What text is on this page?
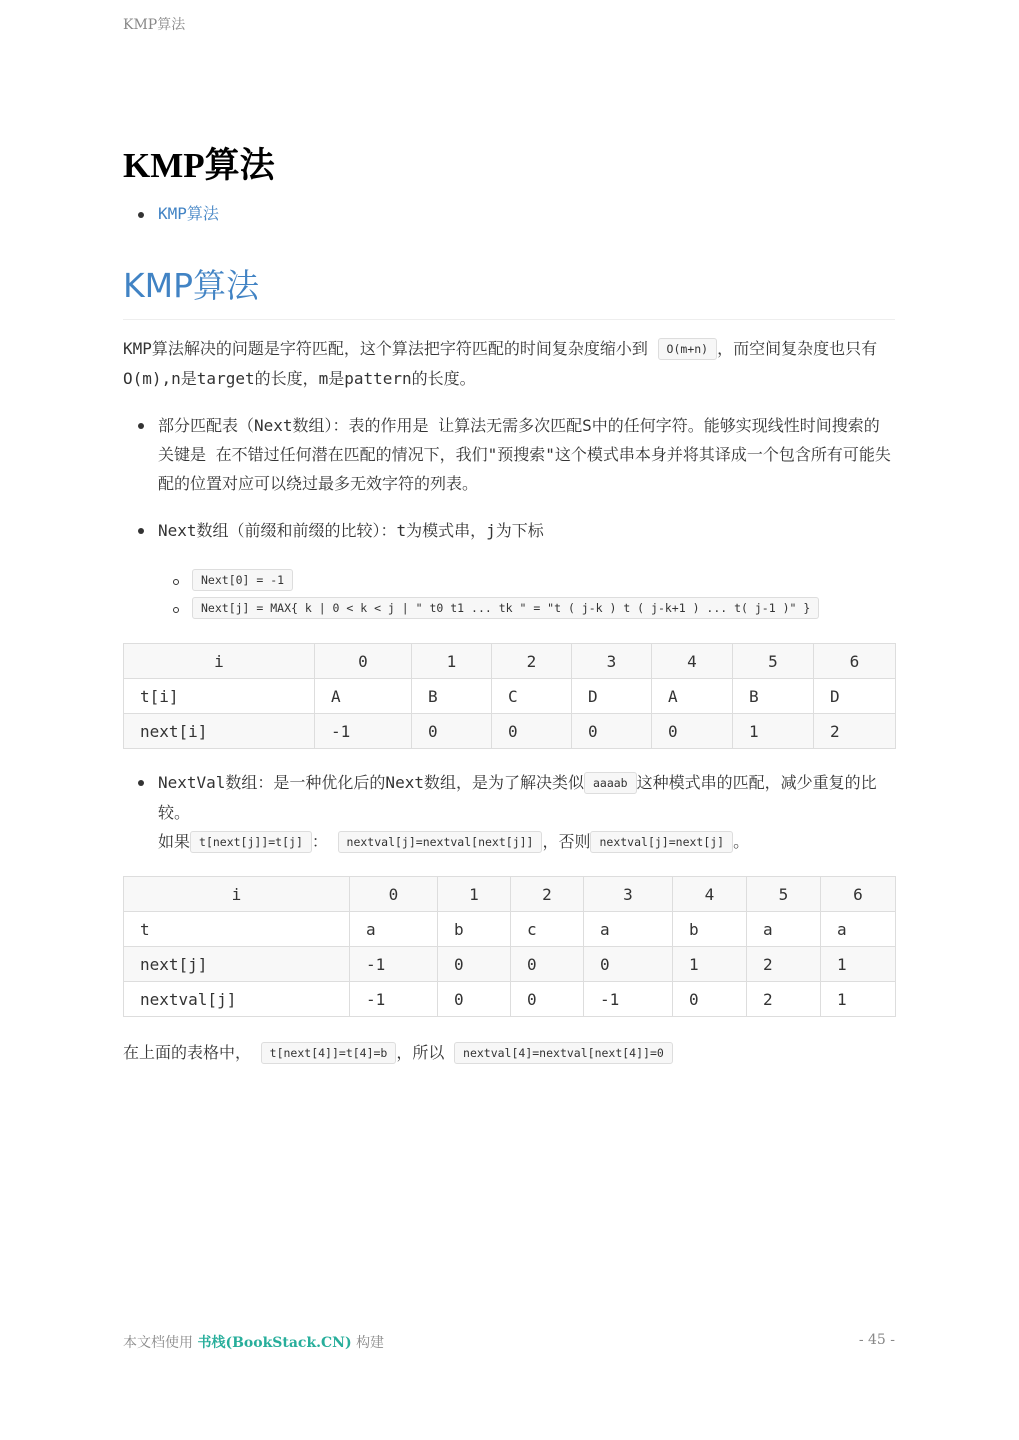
KMP算法
KMP算法
KMP算法
KMP算法

KMP算法解决的问题是字符匹配，这个算法把字符匹配的时间复杂度缩小到 O(m+n) ，而空间复杂度也只有O(m),n是target的长度，m是pattern的长度。

部分匹配表（Next数组）：表的作用是 让算法无需多次匹配S中的任何字符。能够实现线性时间搜索的关键是 在不错过任何潜在匹配的情况下，我们"预搜索"这个模式串本身并将其译成一个包含所有可能失配的位置对应可以绕过最多无效字符的列表。
Next数组（前缀和前缀的比较）：t为模式串，j为下标
Next[0] = -1
Next[j] = MAX{ k | 0 < k < j | " t0 t1 ... tk " = "t ( j-k ) t ( j-k+1 ) ... t( j-1 )" }
i	0	1	2	3	4	5	6
t[i]	A	B	C	D	A	B	D
next[i]	-1	0	0	0	0	1	2
NextVal数组：是一种优化后的Next数组，是为了解决类似 aaaab 这种模式串的匹配，减少重复的比较。
如果 t[next[j]]=t[j] ： nextval[j]=nextval[next[j]] ，否则 nextval[j]=next[j] 。
i	0	1	2	3	4	5	6
t	a	b	c	a	b	a	a
next[j]	-1	0	0	0	1	2	1
nextval[j]	-1	0	0	-1	0	2	1

在上面的表格中， t[next[4]]=t[4]=b ，所以 nextval[4]=nextval[next[4]]=0

本文档使用 书栈(BookStack.CN) 构建	- 45 -
